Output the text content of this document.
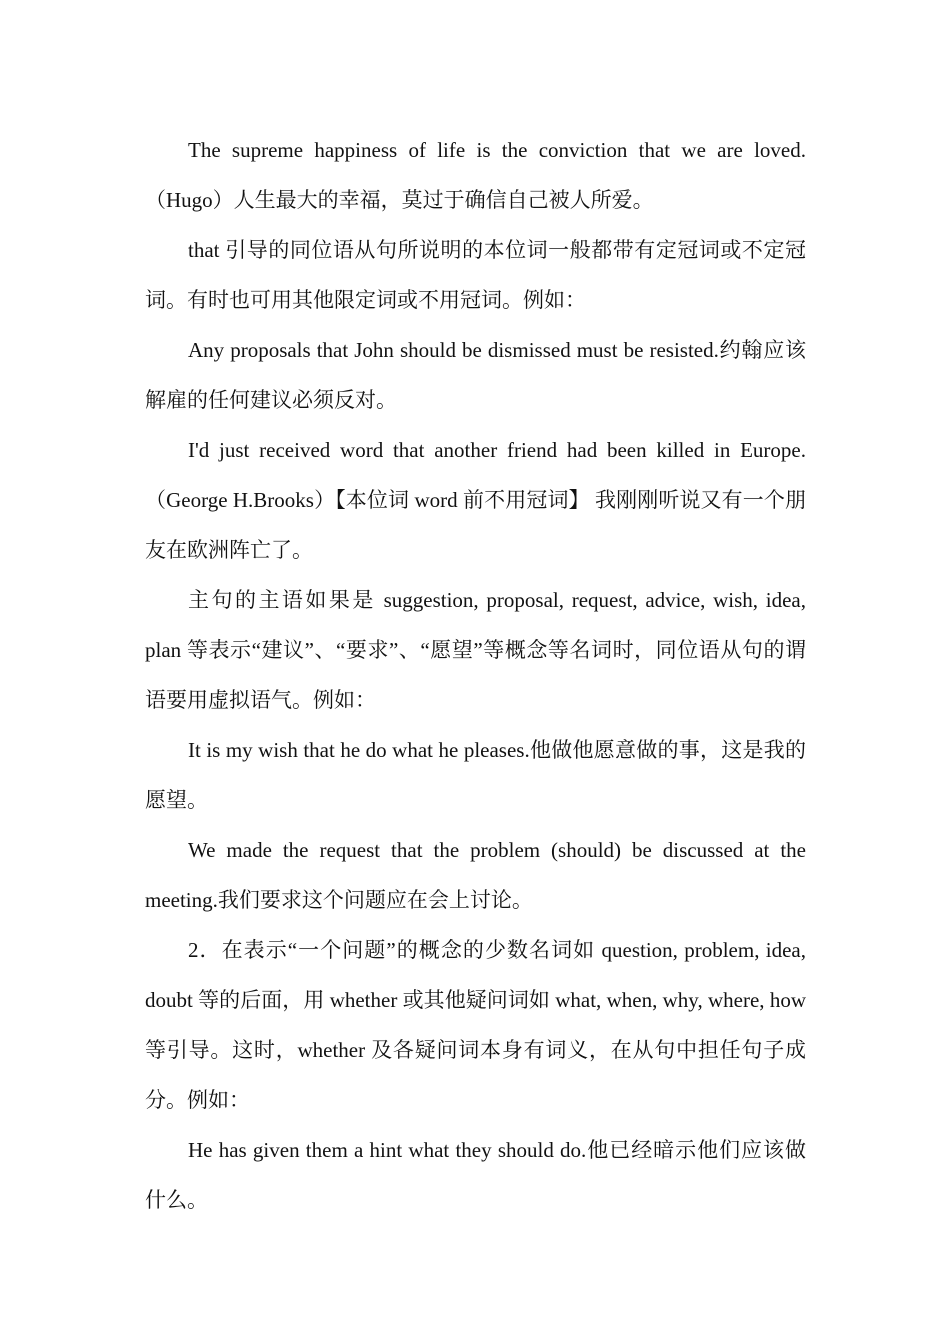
The supreme happiness of life is the conviction that we are loved.（Hugo）人生最大的幸福，莫过于确信自己被人所爱。

that 引导的同位语从句所说明的本位词一般都带有定冠词或不定冠词。有时也可用其他限定词或不用冠词。例如：

Any proposals that John should be dismissed must be resisted.约翰应该解雇的任何建议必须反对。

I'd just received word that another friend had been killed in Europe.（George H.Brooks）【本位词 word 前不用冠词】 我刚刚听说又有一个朋友在欧洲阵亡了。

主句的主语如果是 suggestion, proposal, request, advice, wish, idea, plan 等表示“建议”、“要求”、“愿望”等概念等名词时，同位语从句的谓语要用虚拟语气。例如：

It is my wish that he do what he pleases.他做他愿意做的事，这是我的愿望。

We made the request that the problem (should) be discussed at the meeting.我们要求这个问题应在会上讨论。

2．在表示“一个问题”的概念的少数名词如 question, problem, idea, doubt 等的后面，用 whether 或其他疑问词如 what, when, why, where, how 等引导。这时，whether 及各疑问词本身有词义，在从句中担任句子成分。例如：

He has given them a hint what they should do.他已经暗示他们应该做什么。
